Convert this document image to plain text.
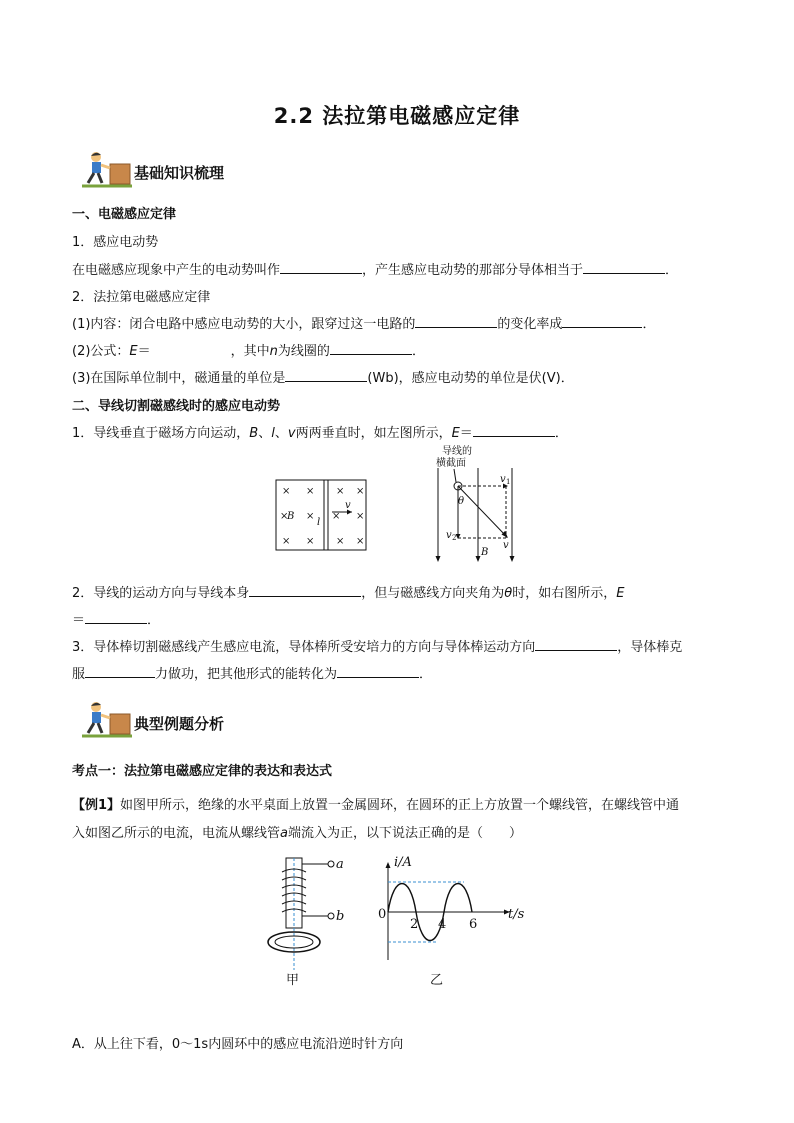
2.2 法拉第电磁感应定律
基础知识梳理
一、电磁感应定律
1．感应电动势
在电磁感应现象中产生的电动势叫作	，产生感应电动势的那部分导体相当于	．
2．法拉第电磁感应定律
(1)内容：闭合电路中感应电动势的大小，跟穿过这一电路的	的变化率成	．
(2)公式：E＝	，其中n为线圈的	．
(3)在国际单位制中，磁通量的单位是	(Wb)，感应电动势的单位是伏(V)．
二、导线切割磁感线时的感应电动势
1．导线垂直于磁场方向运动，B、l、v两两垂直时，如左图所示，E＝	．
× × × ×
×
B × × ×
× × × ×
l
v
导线的
横截面
v 1
θ
v 2
B
v
2．导线的运动方向与导线本身	，但与磁感线方向夹角为θ时，如右图所示，E
＝	．
3．导体棒切割磁感线产生感应电流，导体棒所受安培力的方向与导体棒运动方向	，导体棒克
服	力做功，把其他形式的能转化为	．
典型例题分析
考点一：法拉第电磁感应定律的表达和表达式
【例1】如图甲所示，绝缘的水平桌面上放置一金属圆环，在圆环的正上方放置一个螺线管，在螺线管中通
入如图乙所示的电流，电流从螺线管a端流入为正，以下说法正确的是（　　）
a
b
甲
i/A
t/s
0
2 4 6
乙
A．从上往下看，0～1s内圆环中的感应电流沿逆时针方向
